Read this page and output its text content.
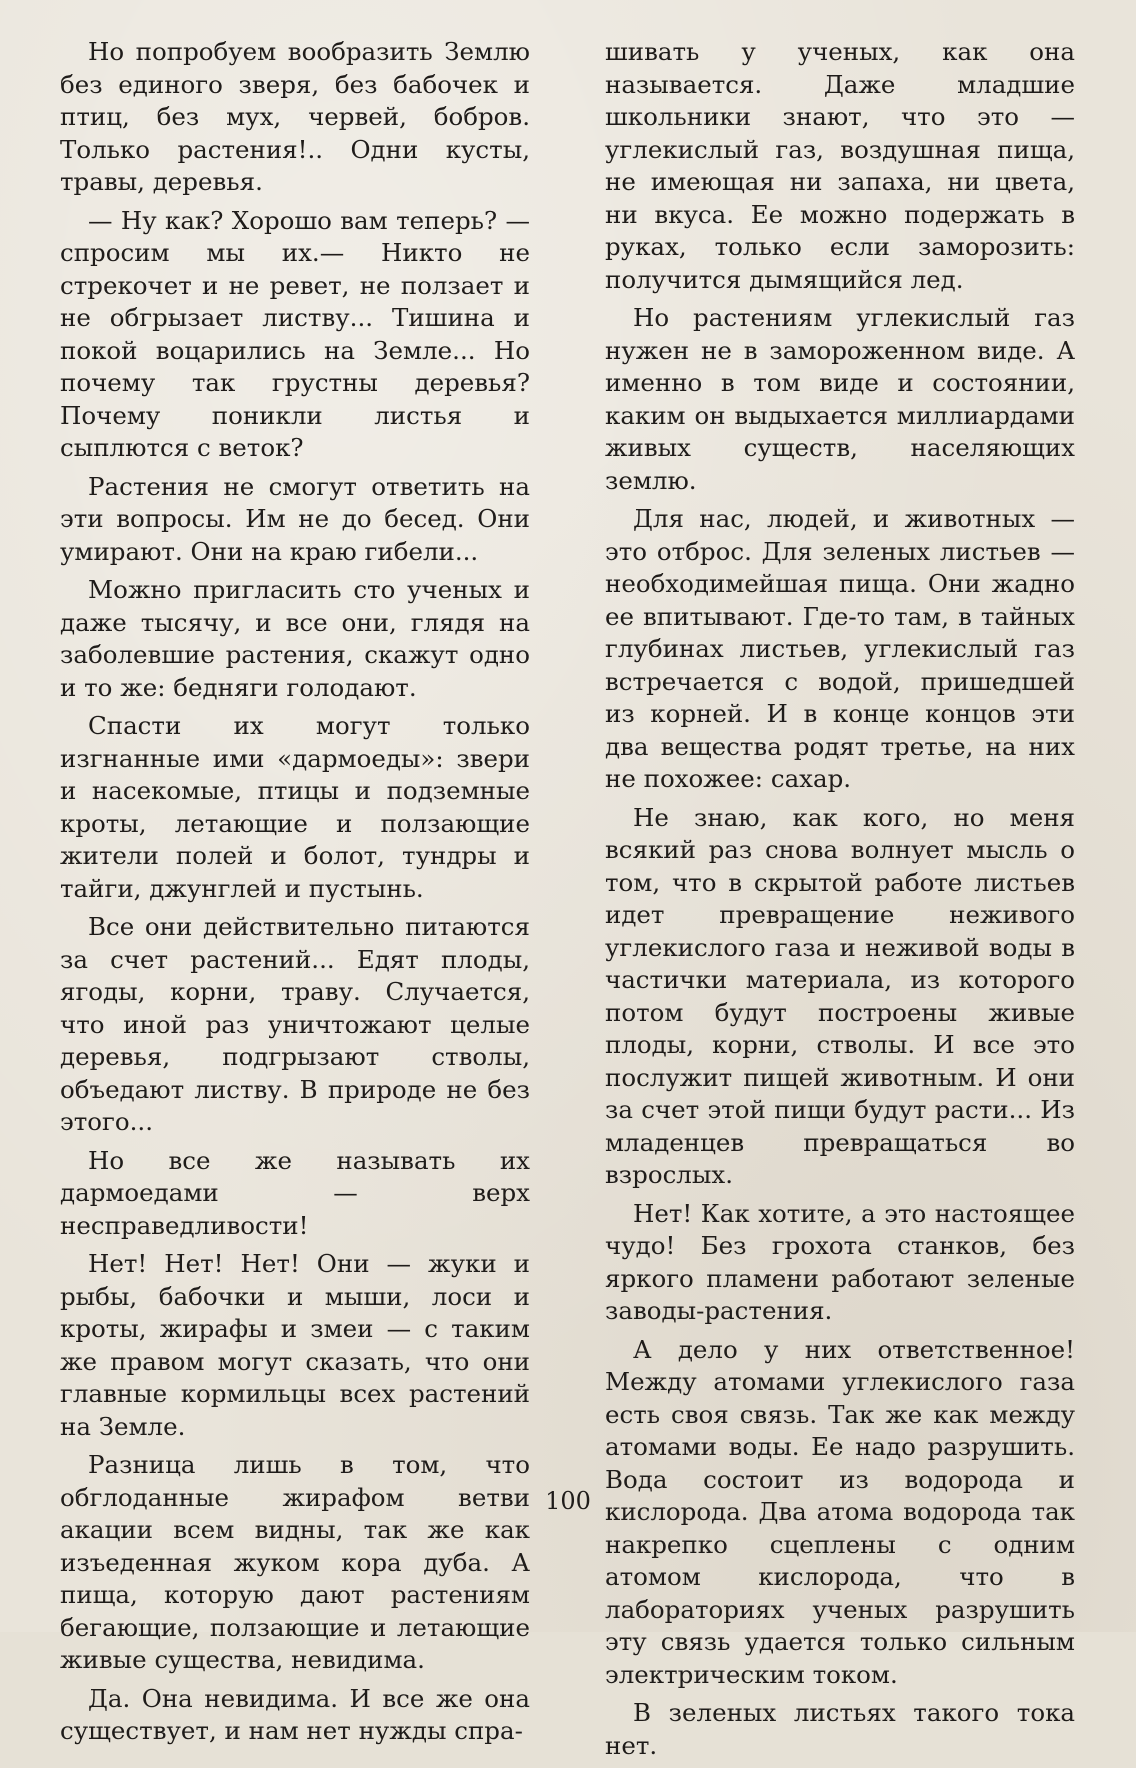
Но попробуем вообразить Землю без единого зверя, без бабочек и птиц, без мух, червей, бобров. Только растения!.. Одни кусты, травы, деревья.

— Ну как? Хорошо вам теперь? — спросим мы их.— Никто не стрекочет и не ревет, не ползает и не обгрызает листву... Тишина и покой воцарились на Земле... Но почему так грустны деревья? Почему поникли листья и сыплются с веток?

Растения не смогут ответить на эти вопросы. Им не до бесед. Они умирают. Они на краю гибели...

Можно пригласить сто ученых и даже тысячу, и все они, глядя на заболевшие растения, скажут одно и то же: бедняги голодают.

Спасти их могут только изгнанные ими «дармоеды»: звери и насекомые, птицы и подземные кроты, летающие и ползающие жители полей и болот, тундры и тайги, джунглей и пустынь.

Все они действительно питаются за счет растений... Едят плоды, ягоды, корни, траву. Случается, что иной раз уничтожают целые деревья, подгрызают стволы, объедают листву. В природе не без этого...

Но все же называть их дармоедами — верх несправедливости!

Нет! Нет! Нет! Они — жуки и рыбы, бабочки и мыши, лоси и кроты, жирафы и змеи — с таким же правом могут сказать, что они главные кормильцы всех растений на Земле.

Разница лишь в том, что обглоданные жирафом ветви акации всем видны, так же как изъеденная жуком кора дуба. А пища, которую дают растениям бегающие, ползающие и летающие живые существа, невидима.

Да. Она невидима. И все же она существует, и нам нет нужды спра-

шивать у ученых, как она называется. Даже младшие школьники знают, что это — углекислый газ, воздушная пища, не имеющая ни запаха, ни цвета, ни вкуса. Ее можно подержать в руках, только если заморозить: получится дымящийся лед.

Но растениям углекислый газ нужен не в замороженном виде. А именно в том виде и состоянии, каким он выдыхается миллиардами живых существ, населяющих землю.

Для нас, людей, и животных — это отброс. Для зеленых листьев — необходимейшая пища. Они жадно ее впитывают. Где-то там, в тайных глубинах листьев, углекислый газ встречается с водой, пришедшей из корней. И в конце концов эти два вещества родят третье, на них не похожее: сахар.

Не знаю, как кого, но меня всякий раз снова волнует мысль о том, что в скрытой работе листьев идет превращение неживого углекислого газа и неживой воды в частички материала, из которого потом будут построены живые плоды, корни, стволы. И все это послужит пищей животным. И они за счет этой пищи будут расти... Из младенцев превращаться во взрослых.

Нет! Как хотите, а это настоящее чудо! Без грохота станков, без яркого пламени работают зеленые заводы-растения.

А дело у них ответственное! Между атомами углекислого газа есть своя связь. Так же как между атомами воды. Ее надо разрушить. Вода состоит из водорода и кислорода. Два атома водорода так накрепко сцеплены с одним атомом кислорода, что в лабораториях ученых разрушить эту связь удается только сильным электрическим током.

В зеленых листьях такого тока нет.

100
